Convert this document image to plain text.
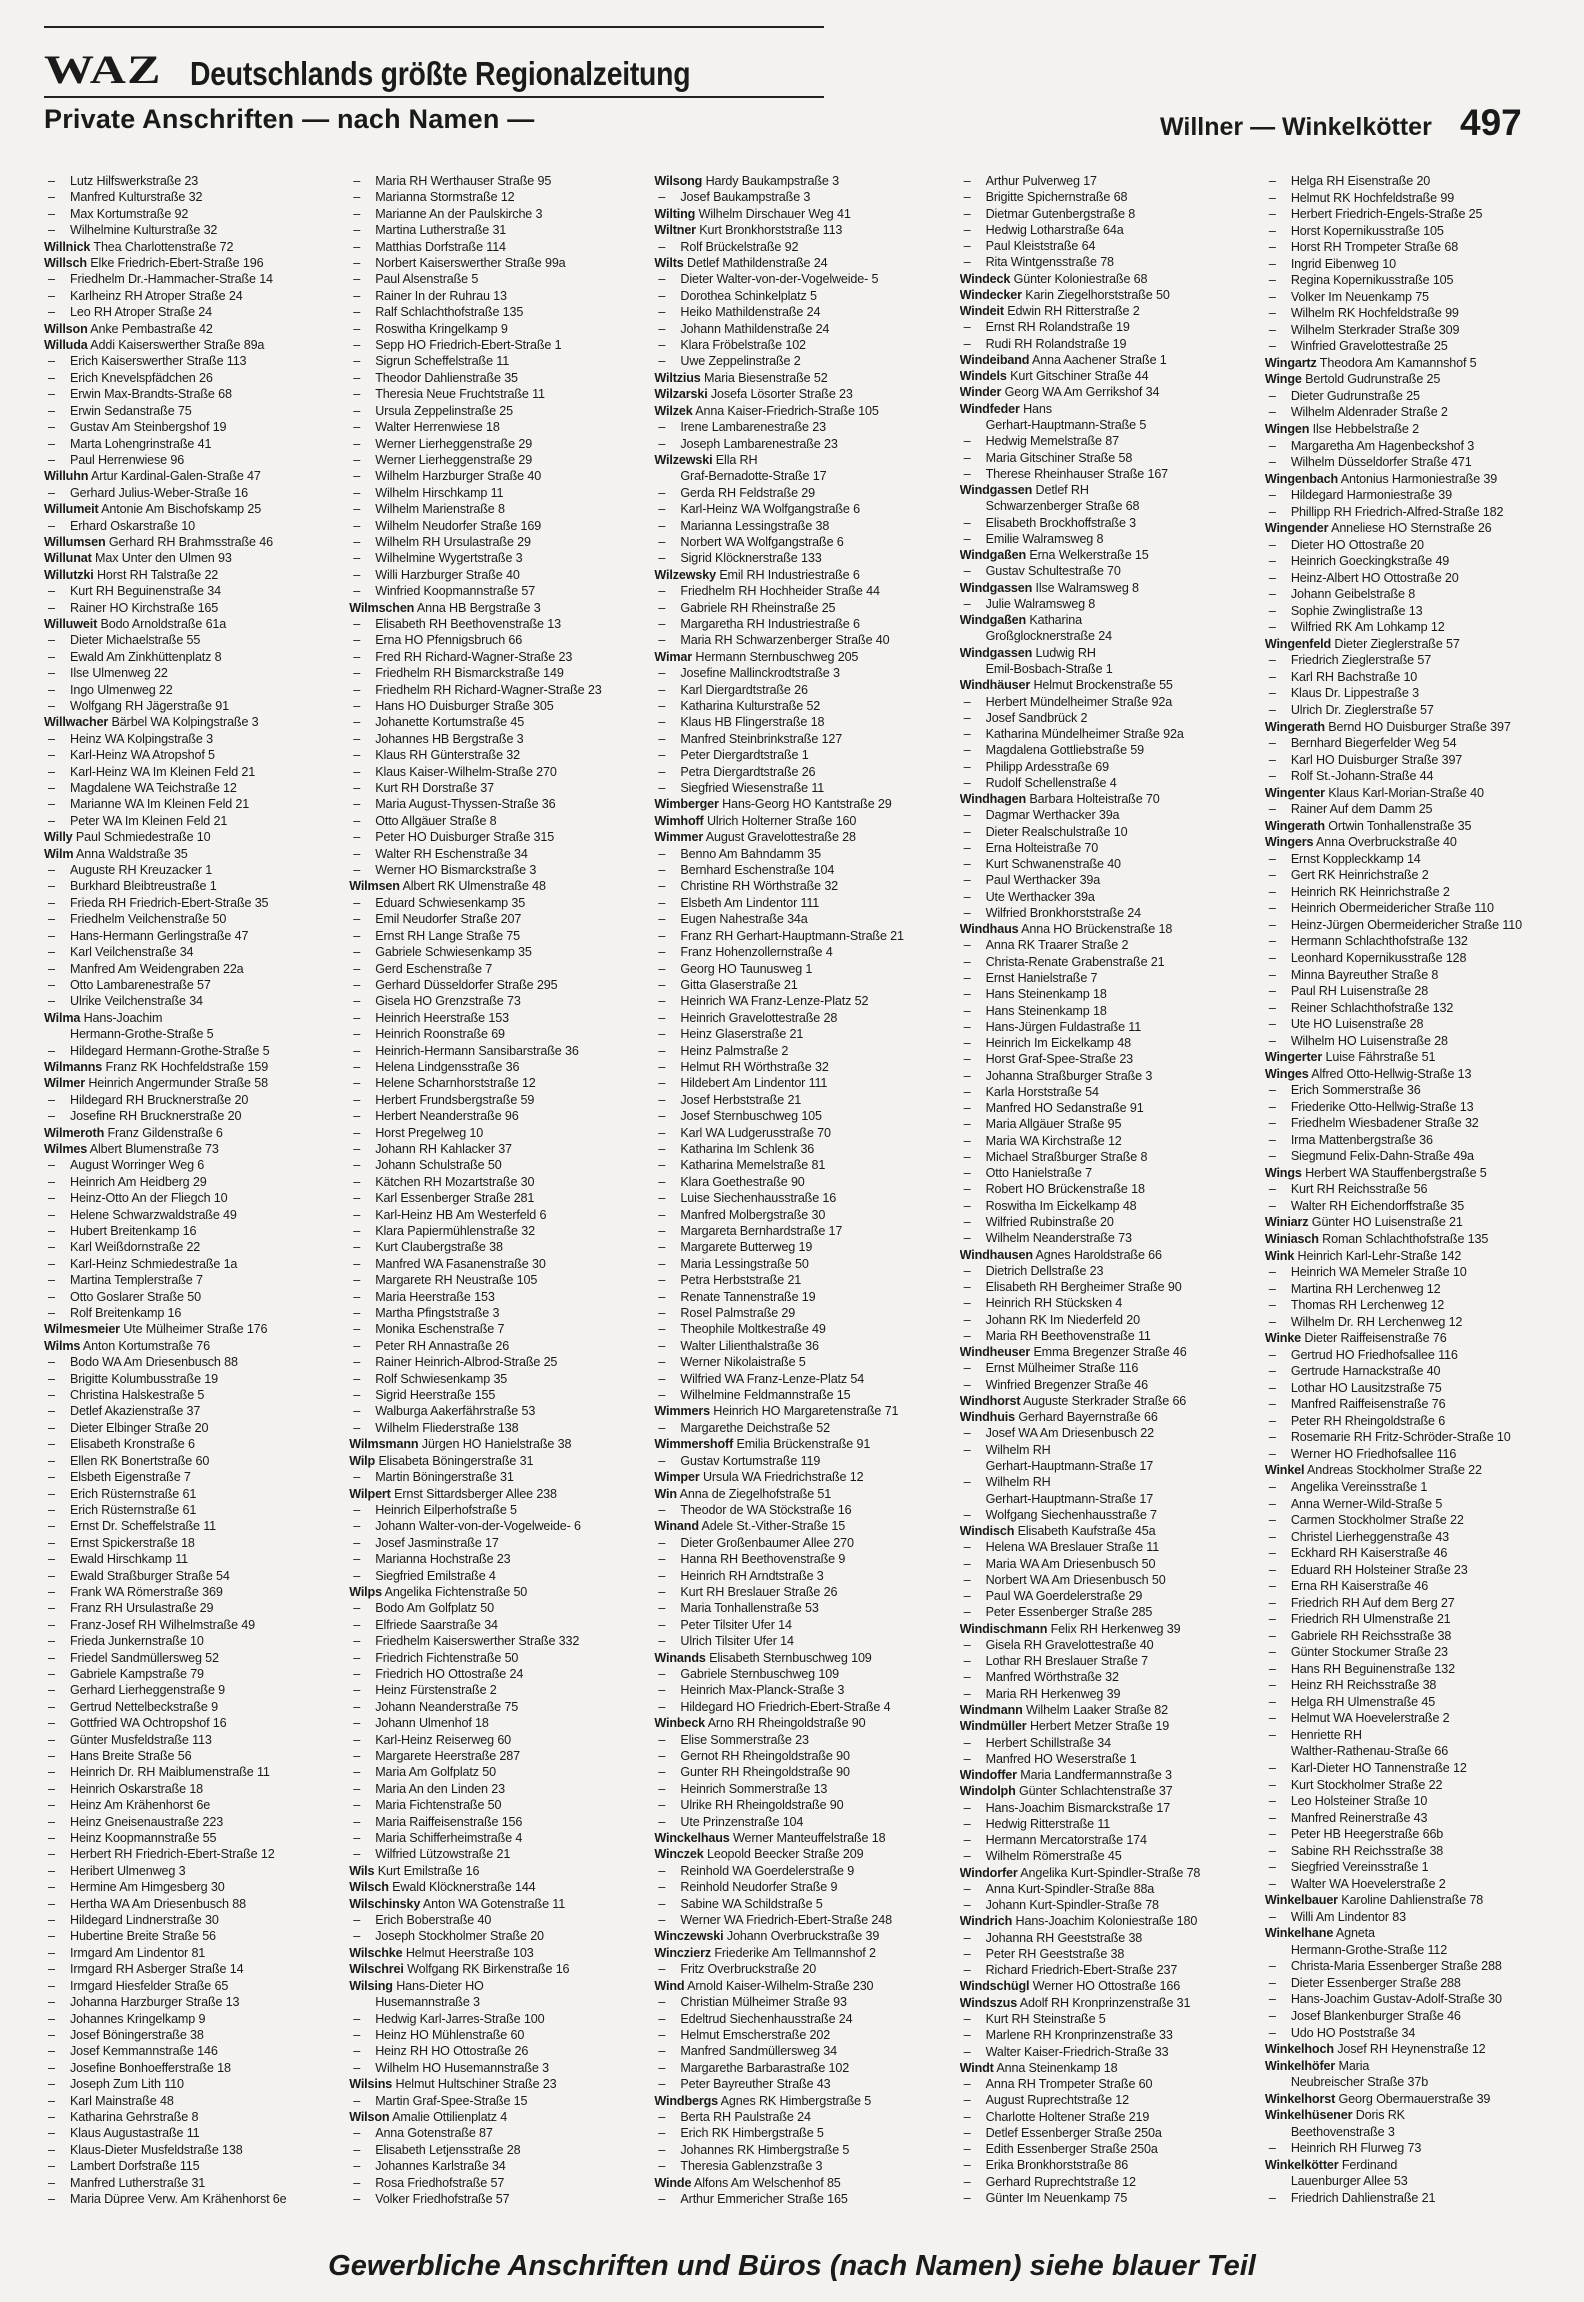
WAZ Deutschlands größte Regionalzeitung
Private Anschriften — nach Namen —	Willner — Winkelkötter 497
– Lutz Hilfswerkstraße 23
– Manfred Kulturstraße 32
– Max Kortumstraße 92
– Wilhelmine Kulturstraße 32
Willnick Thea Charlottenstraße 72
Willsch Elke Friedrich-Ebert-Straße 196
– Friedhelm Dr.-Hammacher-Straße 14
– Karlheinz RH Atroper Straße 24
– Leo RH Atroper Straße 24
Willson Anke Pembastraße 42
Willuda Addi Kaiserswerther Straße 89a
– Erich Kaiserswerther Straße 113
– Erich Knevelspfädchen 26
– Erwin Max-Brandts-Straße 68
– Erwin Sedanstraße 75
– Gustav Am Steinbergshof 19
– Marta Lohengrinstraße 41
– Paul Herrenwiese 96
Willuhn Artur Kardinal-Galen-Straße 47
– Gerhard Julius-Weber-Straße 16
Willumeit Antonie Am Bischofskamp 25
– Erhard Oskarstraße 10
Willumsen Gerhard RH Brahmsstraße 46
Willunat Max Unter den Ulmen 93
Willutzki Horst RH Talstraße 22
– Kurt RH Beguinenstraße 34
– Rainer HO Kirchstraße 165
Willuweit Bodo Arnoldstraße 61a
– Dieter Michaelstraße 55
– Ewald Am Zinkhüttenplatz 8
– Ilse Ulmenweg 22
– Ingo Ulmenweg 22
– Wolfgang RH Jägerstraße 91
Willwacher Bärbel WA Kolpingstraße 3
– Heinz WA Kolpingstraße 3
– Karl-Heinz WA Atropshof 5
– Karl-Heinz WA Im Kleinen Feld 21
– Magdalene WA Teichstraße 12
– Marianne WA Im Kleinen Feld 21
– Peter WA Im Kleinen Feld 21
Willy Paul Schmiedestraße 10
Wilm Anna Waldstraße 35
– Auguste RH Kreuzacker 1
– Burkhard Bleibtreustraße 1
– Frieda RH Friedrich-Ebert-Straße 35
– Friedhelm Veilchenstraße 50
– Hans-Hermann Gerlingstraße 47
– Karl Veilchenstraße 34
– Manfred Am Weidengraben 22a
– Otto Lambarenestraße 57
– Ulrike Veilchenstraße 34
Wilma Hans-Joachim
Hermann-Grothe-Straße 5
– Hildegard Hermann-Grothe-Straße 5
Wilmanns Franz RK Hochfeldstraße 159
Wilmer Heinrich Angermunder Straße 58
– Hildegard RH Brucknerstraße 20
– Josefine RH Brucknerstraße 20
Wilmeroth Franz Gildenstraße 6
Wilmes Albert Blumenstraße 73
– August Worringer Weg 6
– Heinrich Am Heidberg 29
– Heinz-Otto An der Fliegch 10
– Helene Schwarzwaldstraße 49
– Hubert Breitenkamp 16
– Karl Weißdornstraße 22
– Karl-Heinz Schmiedestraße 1a
– Martina Templerstraße 7
– Otto Goslarer Straße 50
– Rolf Breitenkamp 16
Wilmesmeier Ute Mülheimer Straße 176
Wilms Anton Kortumstraße 76
– Bodo WA Am Driesenbusch 88
– Brigitte Kolumbusstraße 19
– Christina Halskestraße 5
– Detlef Akazienstraße 37
– Dieter Elbinger Straße 20
– Elisabeth Kronstraße 6
– Ellen RK Bonertstraße 60
– Elsbeth Eigenstraße 7
– Erich Rüsternstraße 61
– Erich Rüsternstraße 61
– Ernst Dr. Scheffelstraße 11
– Ernst Spickerstraße 18
– Ewald Hirschkamp 11
– Ewald Straßburger Straße 54
– Frank WA Römerstraße 369
– Franz RH Ursulastraße 29
– Franz-Josef RH Wilhelmstraße 49
– Frieda Junkernstraße 10
– Friedel Sandmüllersweg 52
– Gabriele Kampstraße 79
– Gerhard Lierheggenstraße 9
– Gertrud Nettelbeckstraße 9
– Gottfried WA Ochtropshof 16
– Günter Musfeldstraße 113
– Hans Breite Straße 56
– Heinrich Dr. RH Maiblumenstraße 11
– Heinrich Oskarstraße 18
– Heinz Am Krähenhorst 6e
– Heinz Gneisenaustraße 223
– Heinz Koopmannstraße 55
– Herbert RH Friedrich-Ebert-Straße 12
– Heribert Ulmenweg 3
– Hermine Am Himgesberg 30
– Hertha WA Am Driesenbusch 88
– Hildegard Lindnerstraße 30
– Hubertine Breite Straße 56
– Irmgard Am Lindentor 81
– Irmgard RH Asberger Straße 14
– Irmgard Hiesfelder Straße 65
– Johanna Harzburger Straße 13
– Johannes Kringelkamp 9
– Josef Böningerstraße 38
– Josef Kemmannstraße 146
– Josefine Bonhoefferstraße 18
– Joseph Zum Lith 110
– Karl Mainstraße 48
– Katharina Gehrstraße 8
– Klaus Augustastraße 11
– Klaus-Dieter Musfeldstraße 138
– Lambert Dorfstraße 115
– Manfred Lutherstraße 31
– Maria Düpree Verw. Am Krähenhorst 6e
– Maria RH Werthauser Straße 95
– Marianna Stormstraße 12
– Marianne An der Paulskirche 3
– Martina Lutherstraße 31
– Matthias Dorfstraße 114
– Norbert Kaiserswerther Straße 99a
– Paul Alsenstraße 5
– Rainer In der Ruhrau 13
– Ralf Schlachthofstraße 135
– Roswitha Kringelkamp 9
– Sepp HO Friedrich-Ebert-Straße 1
– Sigrun Scheffelstraße 11
– Theodor Dahlienstraße 35
– Theresia Neue Fruchtstraße 11
– Ursula Zeppelinstraße 25
– Walter Herrenwiese 18
– Werner Lierheggenstraße 29
– Werner Lierheggenstraße 29
– Wilhelm Harzburger Straße 40
– Wilhelm Hirschkamp 11
– Wilhelm Marienstraße 8
– Wilhelm Neudorfer Straße 169
– Wilhelm RH Ursulastraße 29
– Wilhelmine Wygertstraße 3
– Willi Harzburger Straße 40
– Winfried Koopmannstraße 57
Wilmschen Anna HB Bergstraße 3
– Elisabeth RH Beethovenstraße 13
– Erna HO Pfennigsbruch 66
– Fred RH Richard-Wagner-Straße 23
– Friedhelm RH Bismarckstraße 149
– Friedhelm RH Richard-Wagner-Straße 23
– Hans HO Duisburger Straße 305
– Johanette Kortumstraße 45
– Johannes HB Bergstraße 3
– Klaus RH Günterstraße 32
– Klaus Kaiser-Wilhelm-Straße 270
– Kurt RH Dorstraße 37
– Maria August-Thyssen-Straße 36
– Otto Allgäuer Straße 8
– Peter HO Duisburger Straße 315
– Walter RH Eschenstraße 34
– Werner HO Bismarckstraße 3
Wilmsen Albert RK Ulmenstraße 48
– Eduard Schwiesenkamp 35
– Emil Neudorfer Straße 207
– Ernst RH Lange Straße 75
– Gabriele Schwiesenkamp 35
– Gerd Eschenstraße 7
– Gerhard Düsseldorfer Straße 295
– Gisela HO Grenzstraße 73
– Heinrich Heerstraße 153
– Heinrich Roonstraße 69
– Heinrich-Hermann Sansibarstraße 36
– Helena Lindgensstraße 36
– Helene Scharnhorststraße 12
– Herbert Frundsbergstraße 59
– Herbert Neanderstraße 96
– Horst Pregelweg 10
– Johann RH Kahlacker 37
– Johann Schulstraße 50
– Kätchen RH Mozartstraße 30
– Karl Essenberger Straße 281
– Karl-Heinz HB Am Westerfeld 6
– Klara Papiermühlenstraße 32
– Kurt Claubergstraße 38
– Manfred WA Fasanenstraße 30
– Margarete RH Neustraße 105
– Maria Heerstraße 153
– Martha Pfingststraße 3
– Monika Eschenstraße 7
– Peter RH Annastraße 26
– Rainer Heinrich-Albrod-Straße 25
– Rolf Schwiesenkamp 35
– Sigrid Heerstraße 155
– Walburga Aakerfährstraße 53
– Wilhelm Fliederstraße 138
Wilmsmann Jürgen HO Hanielstraße 38
Wilp Elisabeta Böningerstraße 31
– Martin Böningerstraße 31
Wilpert Ernst Sittardsberger Allee 238
– Heinrich Eilperhofstraße 5
– Johann Walter-von-der-Vogelweide- 6
– Josef Jasminstraße 17
– Marianna Hochstraße 23
– Siegfried Emilstraße 4
Wilps Angelika Fichtenstraße 50
– Bodo Am Golfplatz 50
– Elfriede Saarstraße 34
– Friedhelm Kaiserswerther Straße 332
– Friedrich Fichtenstraße 50
– Friedrich HO Ottostraße 24
– Heinz Fürstenstraße 2
– Johann Neanderstraße 75
– Johann Ulmenhof 18
– Karl-Heinz Reiserweg 60
– Margarete Heerstraße 287
– Maria Am Golfplatz 50
– Maria An den Linden 23
– Maria Fichtenstraße 50
– Maria Raiffeisenstraße 156
– Maria Schifferheimstraße 4
– Wilfried Lützowstraße 21
Wils Kurt Emilstraße 16
Wilsch Ewald Klöcknerstraße 144
Wilschinsky Anton WA Gotenstraße 11
– Erich Boberstraße 40
– Joseph Stockholmer Straße 20
Wilschke Helmut Heerstraße 103
Wilschrei Wolfgang RK Birkenstraße 16
Wilsing Hans-Dieter HO
Husemannstraße 3
– Hedwig Karl-Jarres-Straße 100
– Heinz HO Mühlenstraße 60
– Heinz RH HO Ottostraße 26
– Wilhelm HO Husemannstraße 3
Wilsins Helmut Hultschiner Straße 23
– Martin Graf-Spee-Straße 15
Wilson Amalie Ottilienplatz 4
– Anna Gotenstraße 87
– Elisabeth Letjensstraße 28
– Johannes Karlstraße 34
– Rosa Friedhofstraße 57
– Volker Friedhofstraße 57
Wilsong Hardy Baukampstraße 3
– Josef Baukampstraße 3
Wilting Wilhelm Dirschauer Weg 41
Wiltner Kurt Bronkhorststraße 113
– Rolf Brückelstraße 92
Wilts Detlef Mathildenstraße 24
– Dieter Walter-von-der-Vogelweide- 5
– Dorothea Schinkelplatz 5
– Heiko Mathildenstraße 24
– Johann Mathildenstraße 24
– Klara Fröbelstraße 102
– Uwe Zeppelinstraße 2
Wiltzius Maria Biesenstraße 52
Wilzarski Josefa Lösorter Straße 23
Wilzek Anna Kaiser-Friedrich-Straße 105
– Irene Lambarenestraße 23
– Joseph Lambarenestraße 23
Wilzewski Ella RH
Graf-Bernadotte-Straße 17
– Gerda RH Feldstraße 29
– Karl-Heinz WA Wolfgangstraße 6
– Marianna Lessingstraße 38
– Norbert WA Wolfgangstraße 6
– Sigrid Klöcknerstraße 133
Wilzewsky Emil RH Industriestraße 6
– Friedhelm RH Hochheider Straße 44
– Gabriele RH Rheinstraße 25
– Margaretha RH Industriestraße 6
– Maria RH Schwarzenberger Straße 40
Wimar Hermann Sternbuschweg 205
– Josefine Mallinckrodtstraße 3
– Karl Diergardtstraße 26
– Katharina Kulturstraße 52
– Klaus HB Flingerstraße 18
– Manfred Steinbrinkstraße 127
– Peter Diergardtstraße 1
– Petra Diergardtstraße 26
– Siegfried Wiesenstraße 11
Wimberger Hans-Georg HO Kantstraße 29
Wimhoff Ulrich Holterner Straße 160
Wimmer August Gravelottestraße 28
– Benno Am Bahndamm 35
– Bernhard Eschenstraße 104
– Christine RH Wörthstraße 32
– Elsbeth Am Lindentor 111
– Eugen Nahestraße 34a
– Franz RH Gerhart-Hauptmann-Straße 21
– Franz Hohenzollernstraße 4
– Georg HO Taunusweg 1
– Gitta Glaserstraße 21
– Heinrich WA Franz-Lenze-Platz 52
– Heinrich Gravelottestraße 28
– Heinz Glaserstraße 21
– Heinz Palmstraße 2
– Helmut RH Wörthstraße 32
– Hildebert Am Lindentor 111
– Josef Herbststraße 21
– Josef Sternbuschweg 105
– Karl WA Ludgerusstraße 70
– Katharina Im Schlenk 36
– Katharina Memelstraße 81
– Klara Goethestraße 90
– Luise Siechenhausstraße 16
– Manfred Molbergstraße 30
– Margareta Bernhardstraße 17
– Margarete Butterweg 19
– Maria Lessingstraße 50
– Petra Herbststraße 21
– Renate Tannenstraße 19
– Rosel Palmstraße 29
– Theophile Moltkestraße 49
– Walter Lilienthalstraße 36
– Werner Nikolaistraße 5
– Wilfried WA Franz-Lenze-Platz 54
– Wilhelmine Feldmannstraße 15
Wimmers Heinrich HO Margaretenstraße 71
– Margarethe Deichstraße 52
Wimmershoff Emilia Brückenstraße 91
– Gustav Kortumstraße 119
Wimper Ursula WA Friedrichstraße 12
Win Anna de Ziegelhofstraße 51
– Theodor de WA Stöckstraße 16
Winand Adele St.-Vither-Straße 15
– Dieter Großenbaumer Allee 270
– Hanna RH Beethovenstraße 9
– Heinrich RH Arndtstraße 3
– Kurt RH Breslauer Straße 26
– Maria Tonhallenstraße 53
– Peter Tilsiter Ufer 14
– Ulrich Tilsiter Ufer 14
Winands Elisabeth Sternbuschweg 109
– Gabriele Sternbuschweg 109
– Heinrich Max-Planck-Straße 3
– Hildegard HO Friedrich-Ebert-Straße 4
Winbeck Arno RH Rheingoldstraße 90
– Elise Sommerstraße 23
– Gernot RH Rheingoldstraße 90
– Gunter RH Rheingoldstraße 90
– Heinrich Sommerstraße 13
– Ulrike RH Rheingoldstraße 90
– Ute Prinzenstraße 104
Winckelhaus Werner Manteuffelstraße 18
Winczek Leopold Beecker Straße 209
– Reinhold WA Goerdelerstraße 9
– Reinhold Neudorfer Straße 9
– Sabine WA Schildstraße 5
– Werner WA Friedrich-Ebert-Straße 248
Winczewski Johann Overbruckstraße 39
Winczierz Friederike Am Tellmannshof 2
– Fritz Overbruckstraße 20
Wind Arnold Kaiser-Wilhelm-Straße 230
– Christian Mülheimer Straße 93
– Edeltrud Siechenhausstraße 24
– Helmut Emscherstraße 202
– Manfred Sandmüllersweg 34
– Margarethe Barbarastraße 102
– Peter Bayreuther Straße 43
Windbergs Agnes RK Himbergstraße 5
– Berta RH Paulstraße 24
– Erich RK Himbergstraße 5
– Johannes RK Himbergstraße 5
– Theresia Gablenzstraße 3
Winde Alfons Am Welschenhof 85
– Arthur Emmericher Straße 165
– Arthur Pulverweg 17
– Brigitte Spichernstraße 68
– Dietmar Gutenbergstraße 8
– Hedwig Lotharstraße 64a
– Paul Kleiststraße 64
– Rita Wintgensstraße 78
Windeck Günter Koloniestraße 68
Windecker Karin Ziegelhorststraße 50
Windeit Edwin RH Ritterstraße 2
– Ernst RH Rolandstraße 19
– Rudi RH Rolandstraße 19
Windeiband Anna Aachener Straße 1
Windels Kurt Gitschiner Straße 44
Winder Georg WA Am Gerrikshof 34
Windfeder Hans
Gerhart-Hauptmann-Straße 5
– Hedwig Memelstraße 87
– Maria Gitschiner Straße 58
– Therese Rheinhauser Straße 167
Windgassen Detlef RH
Schwarzenberger Straße 68
– Elisabeth Brockhoffstraße 3
– Emilie Walramsweg 8
Windgaßen Erna Welkerstraße 15
– Gustav Schultestraße 70
Windgassen Ilse Walramsweg 8
– Julie Walramsweg 8
Windgaßen Katharina
Großglocknerstraße 24
Windgassen Ludwig RH
Emil-Bosbach-Straße 1
Windhäuser Helmut Brockenstraße 55
– Herbert Mündelheimer Straße 92a
– Josef Sandbrück 2
– Katharina Mündelheimer Straße 92a
– Magdalena Gottliebstraße 59
– Philipp Ardesstraße 69
– Rudolf Schellenstraße 4
Windhagen Barbara Holteistraße 70
– Dagmar Werthacker 39a
– Dieter Realschulstraße 10
– Erna Holteistraße 70
– Kurt Schwanenstraße 40
– Paul Werthacker 39a
– Ute Werthacker 39a
– Wilfried Bronkhorststraße 24
Windhaus Anna HO Brückenstraße 18
– Anna RK Traarer Straße 2
– Christa-Renate Grabenstraße 21
– Ernst Hanielstraße 7
– Hans Steinenkamp 18
– Hans Steinenkamp 18
– Hans-Jürgen Fuldastraße 11
– Heinrich Im Eickelkamp 48
– Horst Graf-Spee-Straße 23
– Johanna Straßburger Straße 3
– Karla Horststraße 54
– Manfred HO Sedanstraße 91
– Maria Allgäuer Straße 95
– Maria WA Kirchstraße 12
– Michael Straßburger Straße 8
– Otto Hanielstraße 7
– Robert HO Brückenstraße 18
– Roswitha Im Eickelkamp 48
– Wilfried Rubinstraße 20
– Wilhelm Neanderstraße 73
Windhausen Agnes Haroldstraße 66
– Dietrich Dellstraße 23
– Elisabeth RH Bergheimer Straße 90
– Heinrich RH Stücksken 4
– Johann RK Im Niederfeld 20
– Maria RH Beethovenstraße 11
Windheuser Emma Bregenzer Straße 46
– Ernst Mülheimer Straße 116
– Winfried Bregenzer Straße 46
Windhorst Auguste Sterkrader Straße 66
Windhuis Gerhard Bayernstraße 66
– Josef WA Am Driesenbusch 22
– Wilhelm RH
Gerhart-Hauptmann-Straße 17
– Wilhelm RH
Gerhart-Hauptmann-Straße 17
– Wolfgang Siechenhausstraße 7
Windisch Elisabeth Kaufstraße 45a
– Helena WA Breslauer Straße 11
– Maria WA Am Driesenbusch 50
– Norbert WA Am Driesenbusch 50
– Paul WA Goerdelerstraße 29
– Peter Essenberger Straße 285
Windischmann Felix RH Herkenweg 39
– Gisela RH Gravelottestraße 40
– Lothar RH Breslauer Straße 7
– Manfred Wörthstraße 32
– Maria RH Herkenweg 39
Windmann Wilhelm Laaker Straße 82
Windmüller Herbert Metzer Straße 19
– Herbert Schillstraße 34
– Manfred HO Weserstraße 1
Windoffer Maria Landfermannstraße 3
Windolph Günter Schlachtenstraße 37
– Hans-Joachim Bismarckstraße 17
– Hedwig Ritterstraße 11
– Hermann Mercatorstraße 174
– Wilhelm Römerstraße 45
Windorfer Angelika Kurt-Spindler-Straße 78
– Anna Kurt-Spindler-Straße 88a
– Johann Kurt-Spindler-Straße 78
Windrich Hans-Joachim Koloniestraße 180
– Johanna RH Geeststraße 38
– Peter RH Geeststraße 38
– Richard Friedrich-Ebert-Straße 237
Windschügl Werner HO Ottostraße 166
Windszus Adolf RH Kronprinzenstraße 31
– Kurt RH Steinstraße 5
– Marlene RH Kronprinzenstraße 33
– Walter Kaiser-Friedrich-Straße 33
Windt Anna Steinenkamp 18
– Anna RH Trompeter Straße 60
– August Ruprechtstraße 12
– Charlotte Holtener Straße 219
– Detlef Essenberger Straße 250a
– Edith Essenberger Straße 250a
– Erika Bronkhorststraße 86
– Gerhard Ruprechtstraße 12
– Günter Im Neuenkamp 75
– Helga RH Eisenstraße 20
– Helmut RK Hochfeldstraße 99
– Herbert Friedrich-Engels-Straße 25
– Horst Kopernikusstraße 105
– Horst RH Trompeter Straße 68
– Ingrid Eibenweg 10
– Regina Kopernikusstraße 105
– Volker Im Neuenkamp 75
– Wilhelm RK Hochfeldstraße 99
– Wilhelm Sterkrader Straße 309
– Winfried Gravelottestraße 25
Wingartz Theodora Am Kamannshof 5
Winge Bertold Gudrunstraße 25
– Dieter Gudrunstraße 25
– Wilhelm Aldenrader Straße 2
Wingen Ilse Hebbelstraße 2
– Margaretha Am Hagenbeckshof 3
– Wilhelm Düsseldorfer Straße 471
Wingenbach Antonius Harmoniestraße 39
– Hildegard Harmoniestraße 39
– Phillipp RH Friedrich-Alfred-Straße 182
Wingender Anneliese HO Sternstraße 26
– Dieter HO Ottostraße 20
– Heinrich Goeckingkstraße 49
– Heinz-Albert HO Ottostraße 20
– Johann Geibelstraße 8
– Sophie Zwinglistraße 13
– Wilfried RK Am Lohkamp 12
Wingenfeld Dieter Zieglerstraße 57
– Friedrich Zieglerstraße 57
– Karl RH Bachstraße 10
– Klaus Dr. Lippestraße 3
– Ulrich Dr. Zieglerstraße 57
Wingerath Bernd HO Duisburger Straße 397
– Bernhard Biegerfelder Weg 54
– Karl HO Duisburger Straße 397
– Rolf St.-Johann-Straße 44
Wingenter Klaus Karl-Morian-Straße 40
– Rainer Auf dem Damm 25
Wingerath Ortwin Tonhallenstraße 35
Wingers Anna Overbruckstraße 40
– Ernst Koppleckkamp 14
– Gert RK Heinrichstraße 2
– Heinrich RK Heinrichstraße 2
– Heinrich Obermeidericher Straße 110
– Heinz-Jürgen Obermeidericher Straße 110
– Hermann Schlachthofstraße 132
– Leonhard Kopernikusstraße 128
– Minna Bayreuther Straße 8
– Paul RH Luisenstraße 28
– Reiner Schlachthofstraße 132
– Ute HO Luisenstraße 28
– Wilhelm HO Luisenstraße 28
Wingerter Luise Fährstraße 51
Winges Alfred Otto-Hellwig-Straße 13
– Erich Sommerstraße 36
– Friederike Otto-Hellwig-Straße 13
– Friedhelm Wiesbadener Straße 32
– Irma Mattenbergstraße 36
– Siegmund Felix-Dahn-Straße 49a
Wings Herbert WA Stauffenbergstraße 5
– Kurt RH Reichsstraße 56
– Walter RH Eichendorffstraße 35
Winiarz Günter HO Luisenstraße 21
Winiasch Roman Schlachthofstraße 135
Wink Heinrich Karl-Lehr-Straße 142
– Heinrich WA Memeler Straße 10
– Martina RH Lerchenweg 12
– Thomas RH Lerchenweg 12
– Wilhelm Dr. RH Lerchenweg 12
Winke Dieter Raiffeisenstraße 76
– Gertrud HO Friedhofsallee 116
– Gertrude Harnackstraße 40
– Lothar HO Lausitzstraße 75
– Manfred Raiffeisenstraße 76
– Peter RH Rheingoldstraße 6
– Rosemarie RH Fritz-Schröder-Straße 10
– Werner HO Friedhofsallee 116
Winkel Andreas Stockholmer Straße 22
– Angelika Vereinsstraße 1
– Anna Werner-Wild-Straße 5
– Carmen Stockholmer Straße 22
– Christel Lierheggenstraße 43
– Eckhard RH Kaiserstraße 46
– Eduard RH Holsteiner Straße 23
– Erna RH Kaiserstraße 46
– Friedrich RH Auf dem Berg 27
– Friedrich RH Ulmenstraße 21
– Gabriele RH Reichsstraße 38
– Günter Stockumer Straße 23
– Hans RH Beguinenstraße 132
– Heinz RH Reichsstraße 38
– Helga RH Ulmenstraße 45
– Helmut WA Hoevelerstraße 2
– Henriette RH
Walther-Rathenau-Straße 66
– Karl-Dieter HO Tannenstraße 12
– Kurt Stockholmer Straße 22
– Leo Holsteiner Straße 10
– Manfred Reinerstraße 43
– Peter HB Heegerstraße 66b
– Sabine RH Reichsstraße 38
– Siegfried Vereinsstraße 1
– Walter WA Hoevelerstraße 2
Winkelbauer Karoline Dahlienstraße 78
– Willi Am Lindentor 83
Winkelhane Agneta
Hermann-Grothe-Straße 112
– Christa-Maria Essenberger Straße 288
– Dieter Essenberger Straße 288
– Hans-Joachim Gustav-Adolf-Straße 30
– Josef Blankenburger Straße 46
– Udo HO Poststraße 34
Winkelhoch Josef RH Heynenstraße 12
Winkelhöfer Maria
Neubreischer Straße 37b
Winkelhorst Georg Obermauerstraße 39
Winkelhüsener Doris RK
Beethovenstraße 3
– Heinrich RH Flurweg 73
Winkelkötter Ferdinand
Lauenburger Allee 53
– Friedrich Dahlienstraße 21
Gewerbliche Anschriften und Büros (nach Namen) siehe blauer Teil
